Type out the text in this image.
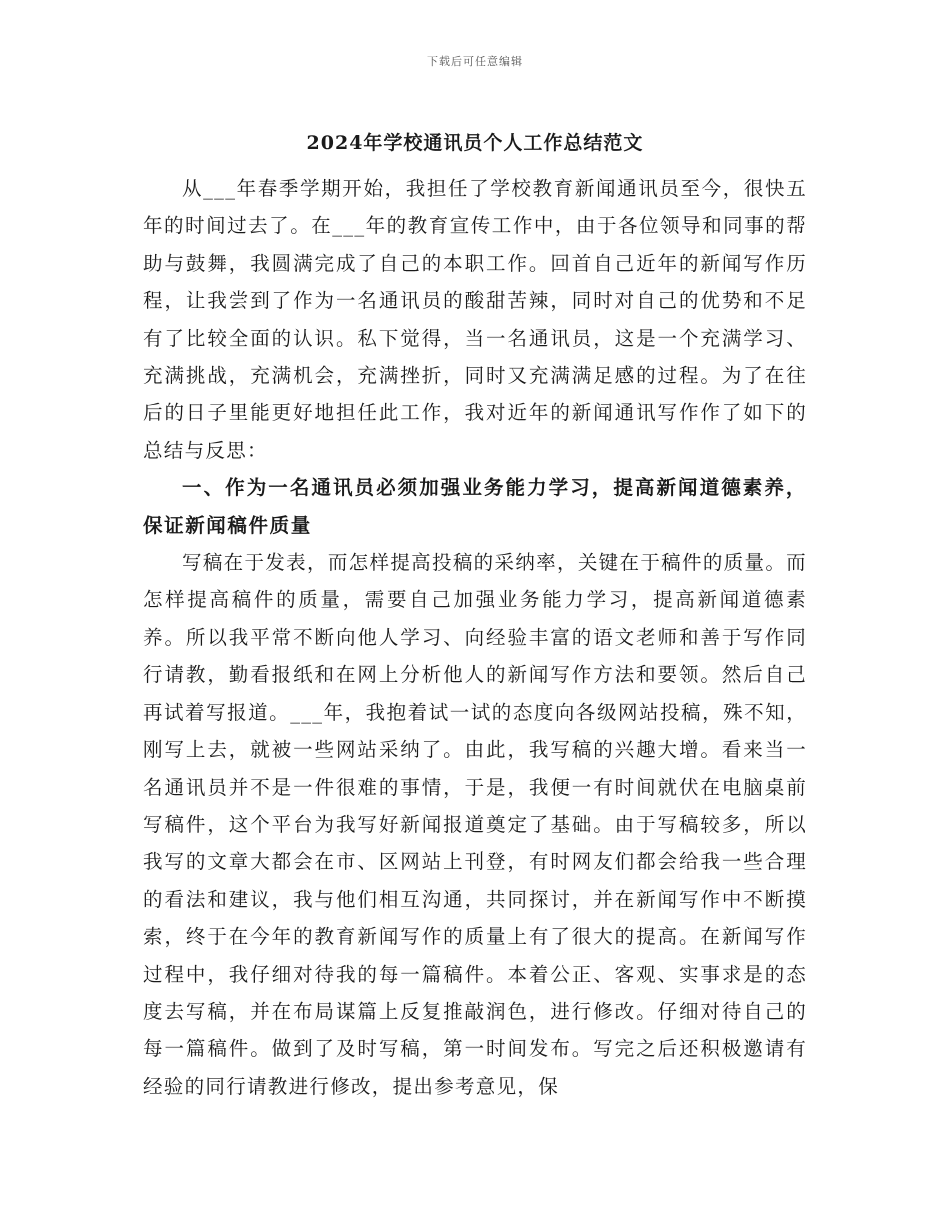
下载后可任意编辑
2024年学校通讯员个人工作总结范文

从___年春季学期开始，我担任了学校教育新闻通讯员至今，很快五年的时间过去了。在___年的教育宣传工作中，由于各位领导和同事的帮助与鼓舞，我圆满完成了自己的本职工作。回首自己近年的新闻写作历程，让我尝到了作为一名通讯员的酸甜苦辣，同时对自己的优势和不足有了比较全面的认识。私下觉得，当一名通讯员，这是一个充满学习、充满挑战，充满机会，充满挫折，同时又充满满足感的过程。为了在往后的日子里能更好地担任此工作，我对近年的新闻通讯写作作了如下的总结与反思：

一、作为一名通讯员必须加强业务能力学习，提高新闻道德素养，保证新闻稿件质量

写稿在于发表，而怎样提高投稿的采纳率，关键在于稿件的质量。而怎样提高稿件的质量，需要自己加强业务能力学习，提高新闻道德素养。所以我平常不断向他人学习、向经验丰富的语文老师和善于写作同行请教，勤看报纸和在网上分析他人的新闻写作方法和要领。然后自己再试着写报道。___年，我抱着试一试的态度向各级网站投稿，殊不知，刚写上去，就被一些网站采纳了。由此，我写稿的兴趣大增。看来当一名通讯员并不是一件很难的事情，于是，我便一有时间就伏在电脑桌前写稿件，这个平台为我写好新闻报道奠定了基础。由于写稿较多，所以我写的文章大都会在市、区网站上刊登，有时网友们都会给我一些合理的看法和建议，我与他们相互沟通，共同探讨，并在新闻写作中不断摸索，终于在今年的教育新闻写作的质量上有了很大的提高。在新闻写作过程中，我仔细对待我的每一篇稿件。本着公正、客观、实事求是的态度去写稿，并在布局谋篇上反复推敲润色，进行修改。仔细对待自己的每一篇稿件。做到了及时写稿，第一时间发布。写完之后还积极邀请有经验的同行请教进行修改，提出参考意见，保
